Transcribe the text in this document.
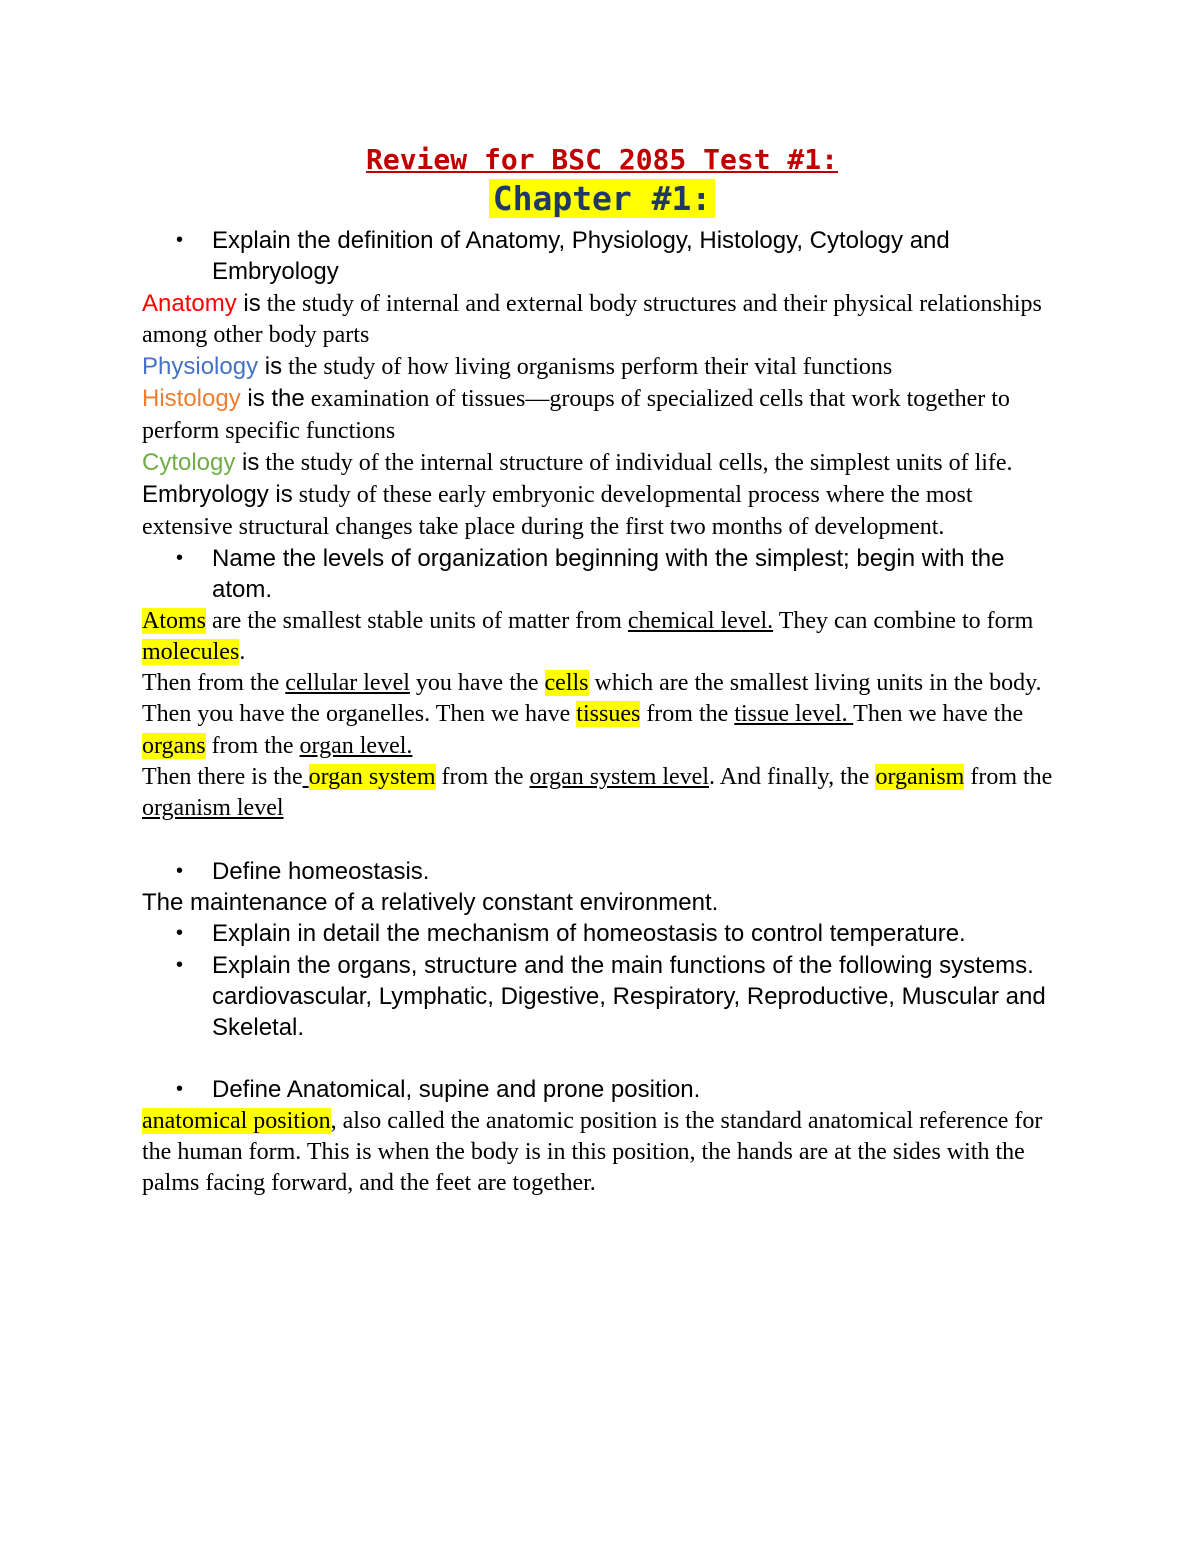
Review for BSC 2085 Test #1:

Chapter #1:

• Explain the definition of Anatomy, Physiology, Histology, Cytology and Embryology

Anatomy is the study of internal and external body structures and their physical relationships among other body parts

Physiology is the study of how living organisms perform their vital functions

Histology is the examination of tissues—groups of specialized cells that work together to perform specific functions

Cytology is the study of the internal structure of individual cells, the simplest units of life.

Embryology is study of these early embryonic developmental process where the most extensive structural changes take place during the first two months of development.

• Name the levels of organization beginning with the simplest; begin with the atom.

Atoms are the smallest stable units of matter from chemical level. They can combine to form molecules.

Then from the cellular level you have the cells which are the smallest living units in the body.

Then you have the organelles. Then we have tissues from the tissue level. Then we have the organs from the organ level.

Then there is the organ system from the organ system level. And finally, the organism from the organism level

• Define homeostasis.

The maintenance of a relatively constant environment.

• Explain in detail the mechanism of homeostasis to control temperature.

• Explain the organs, structure and the main functions of the following systems. cardiovascular, Lymphatic, Digestive, Respiratory, Reproductive, Muscular and Skeletal.

• Define Anatomical, supine and prone position.

anatomical position, also called the anatomic position is the standard anatomical reference for the human form. This is when the body is in this position, the hands are at the sides with the palms facing forward, and the feet are together.
